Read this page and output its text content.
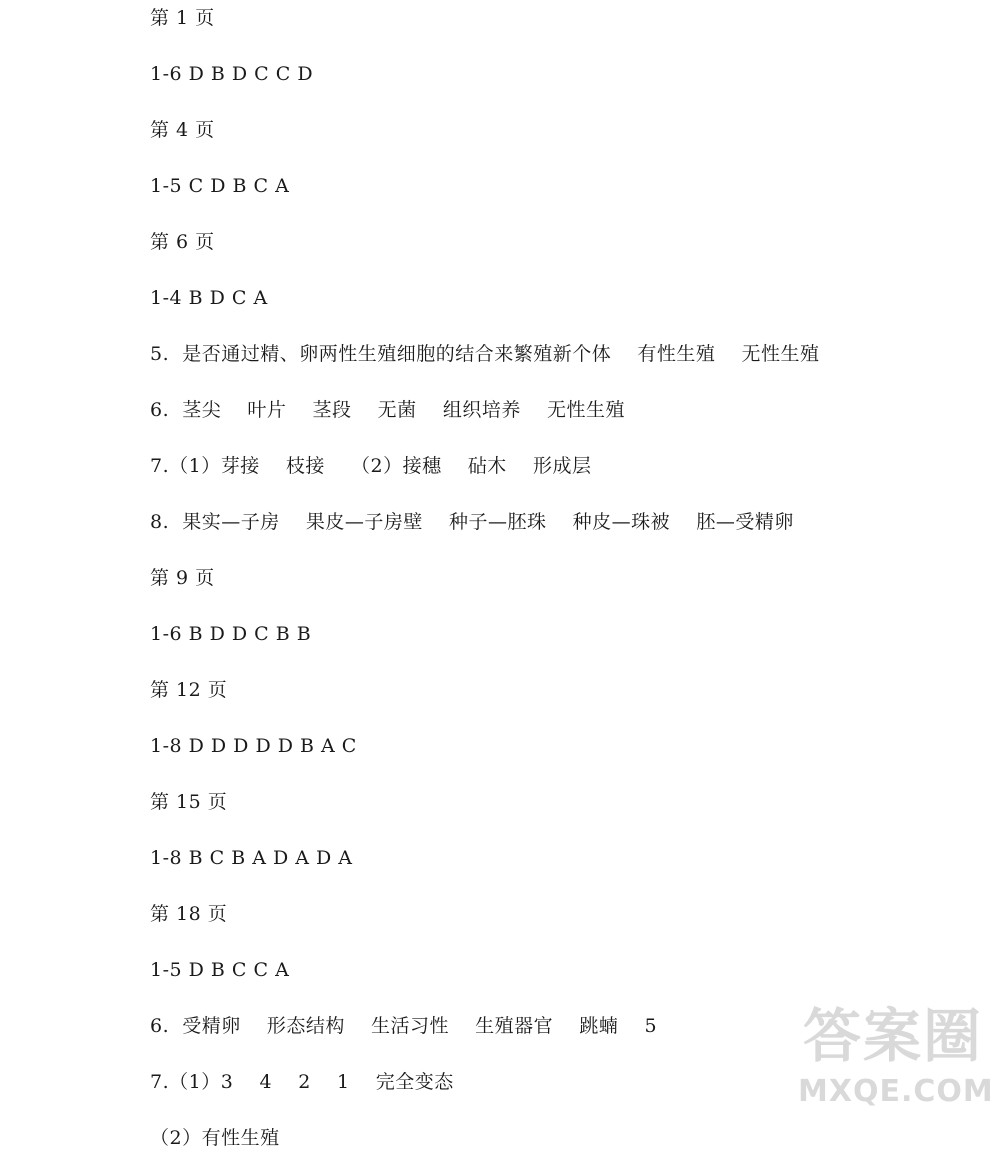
第 1 页
1-6 D B D C C D
第 4 页
1-5 C D B C A
第 6 页
1-4 B D C A
5.  是否通过精、卵两性生殖细胞的结合来繁殖新个体    有性生殖    无性生殖
6.  茎尖    叶片    茎段    无菌    组织培养    无性生殖
7.（1）芽接    枝接    （2）接穗    砧木    形成层
8.  果实—子房    果皮—子房壁    种子—胚珠    种皮—珠被    胚—受精卵
第 9 页
1-6 B D D C B B
第 12 页
1-8 D D D D D B A C
第 15 页
1-8 B C B A D A D A
第 18 页
1-5 D B C C A
6.  受精卵    形态结构    生活习性    生殖器官    跳蝻    5
7.（1）3    4    2    1    完全变态
（2）有性生殖
答案圈
MXQE.COM
